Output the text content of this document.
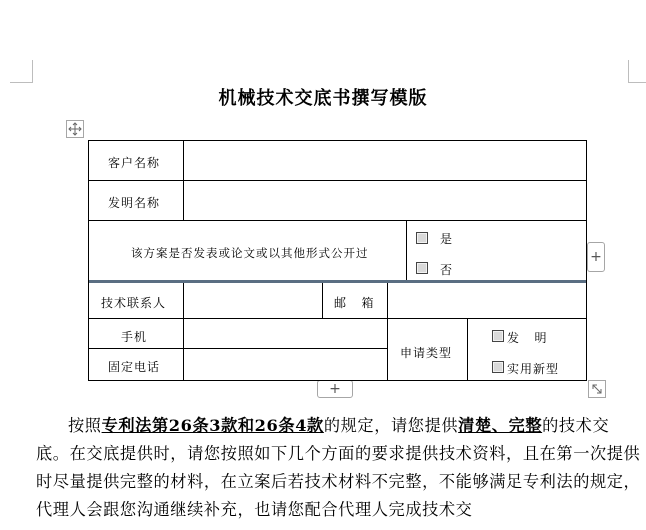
机械技术交底书撰写模版
+
+
客户名称
发明名称
该方案是否发表或论文或以其他形式公开过
是
否
技术联系人	邮   箱
手机
固定电话
申请类型
发   明
实用新型

按照专利法第26条3款和26条4款的规定，请您提供清楚、完整的技术交底。在交底提供时，请您按照如下几个方面的要求提供技术资料，且在第一次提供时尽量提供完整的材料，在立案后若技术材料不完整，不能够满足专利法的规定，代理人会跟您沟通继续补充，也请您配合代理人完成技术交
